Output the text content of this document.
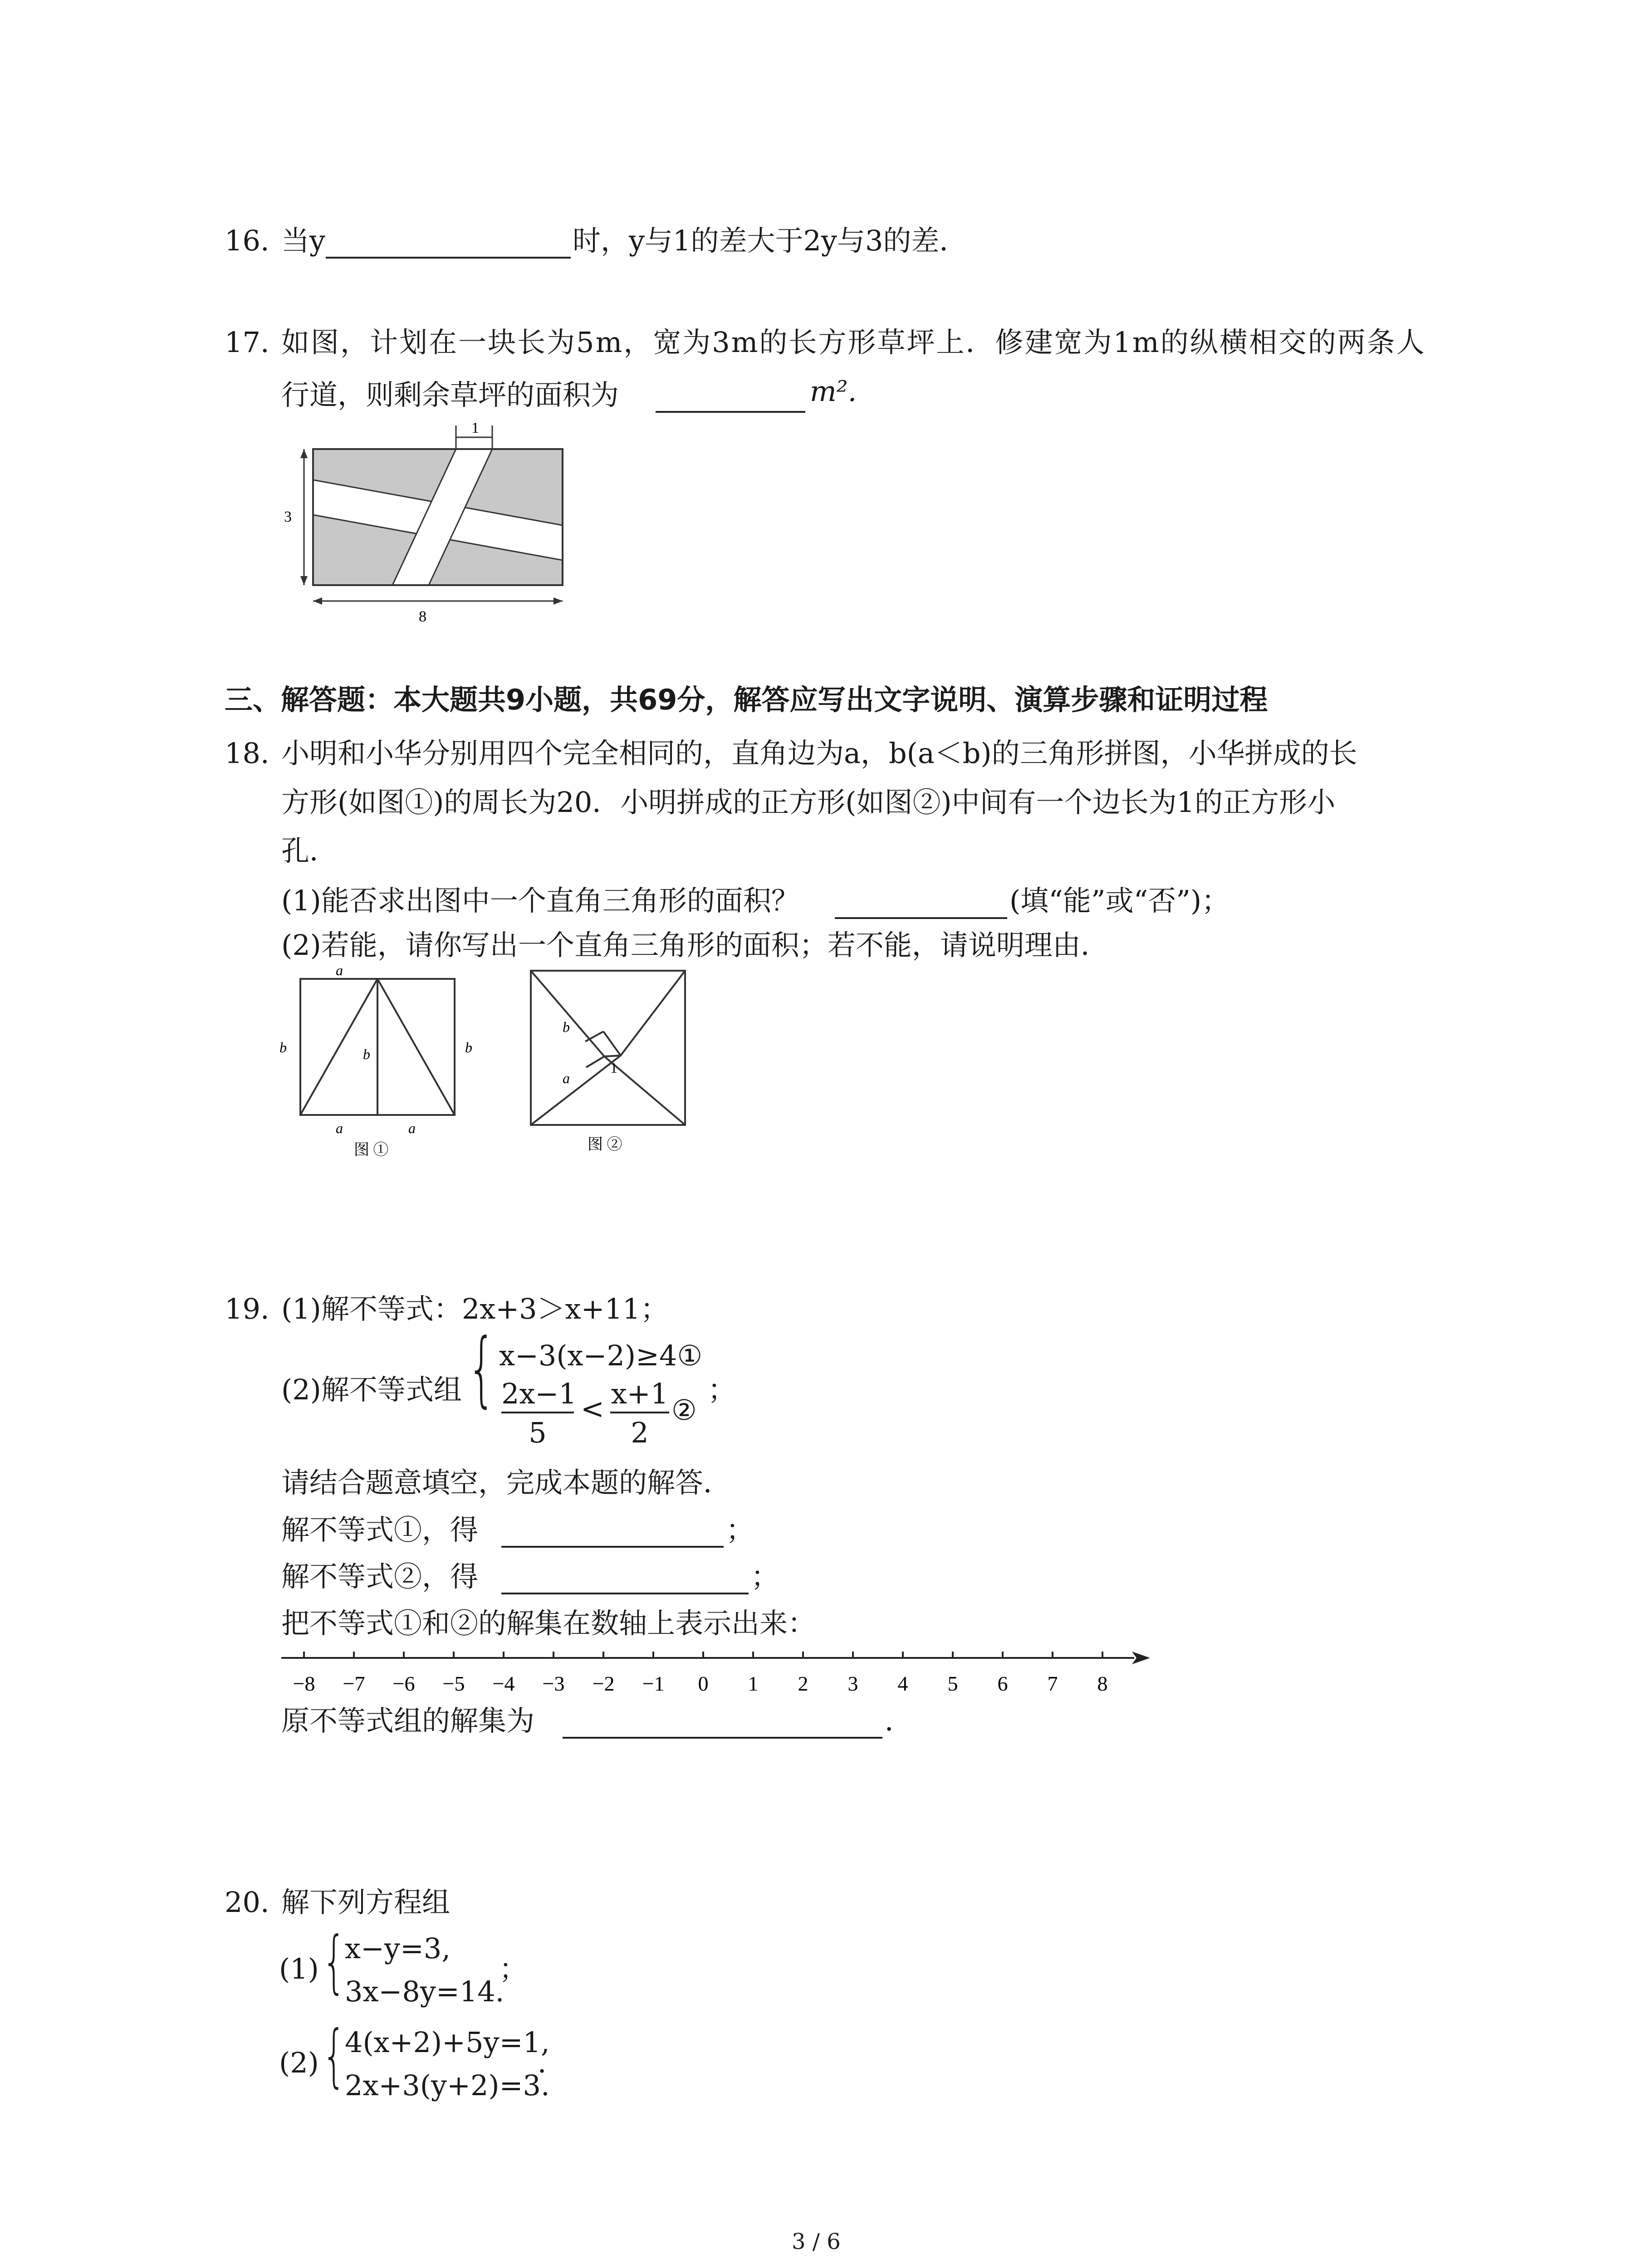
16. 当y	时，y与1的差大于2y与3的差．
17. 如图，计划在一块长为5m，宽为3m的长方形草坪上．修建宽为1m的纵横相交的两条人
行道，则剩余草坪的面积为	m².
1
3
8
三、解答题：本大题共9小题，共69分，解答应写出文字说明、演算步骤和证明过程
18. 小明和小华分别用四个完全相同的，直角边为a，b(a＜b)的三角形拼图，小华拼成的长
方形(如图①)的周长为20．小明拼成的正方形(如图②)中间有一个边长为1的正方形小
孔．
(1)能否求出图中一个直角三角形的面积？	(填“能”或“否”)；
(2)若能，请你写出一个直角三角形的面积；若不能，请说明理由．
a
b	b	b
a	a
图 ①
b
a
1
图 ②
19. (1)解不等式：2x+3＞x+11；
(2)解不等式组 { x−3(x−2)≥4①
2x−1
5
< x+1
2
②
；
请结合题意填空，完成本题的解答．
解不等式①，得	；
解不等式②，得	；
把不等式①和②的解集在数轴上表示出来：
−8 −7 −6 −5 −4 −3 −2 −1 0 1 2 3 4 5 6 7 8
原不等式组的解集为	．
20. 解下列方程组
(1) {
x−y=3,
3x−8y=14.
；
(2) {
4(x+2)+5y=1,
2x+3(y+2)=3.
．
3 / 6
